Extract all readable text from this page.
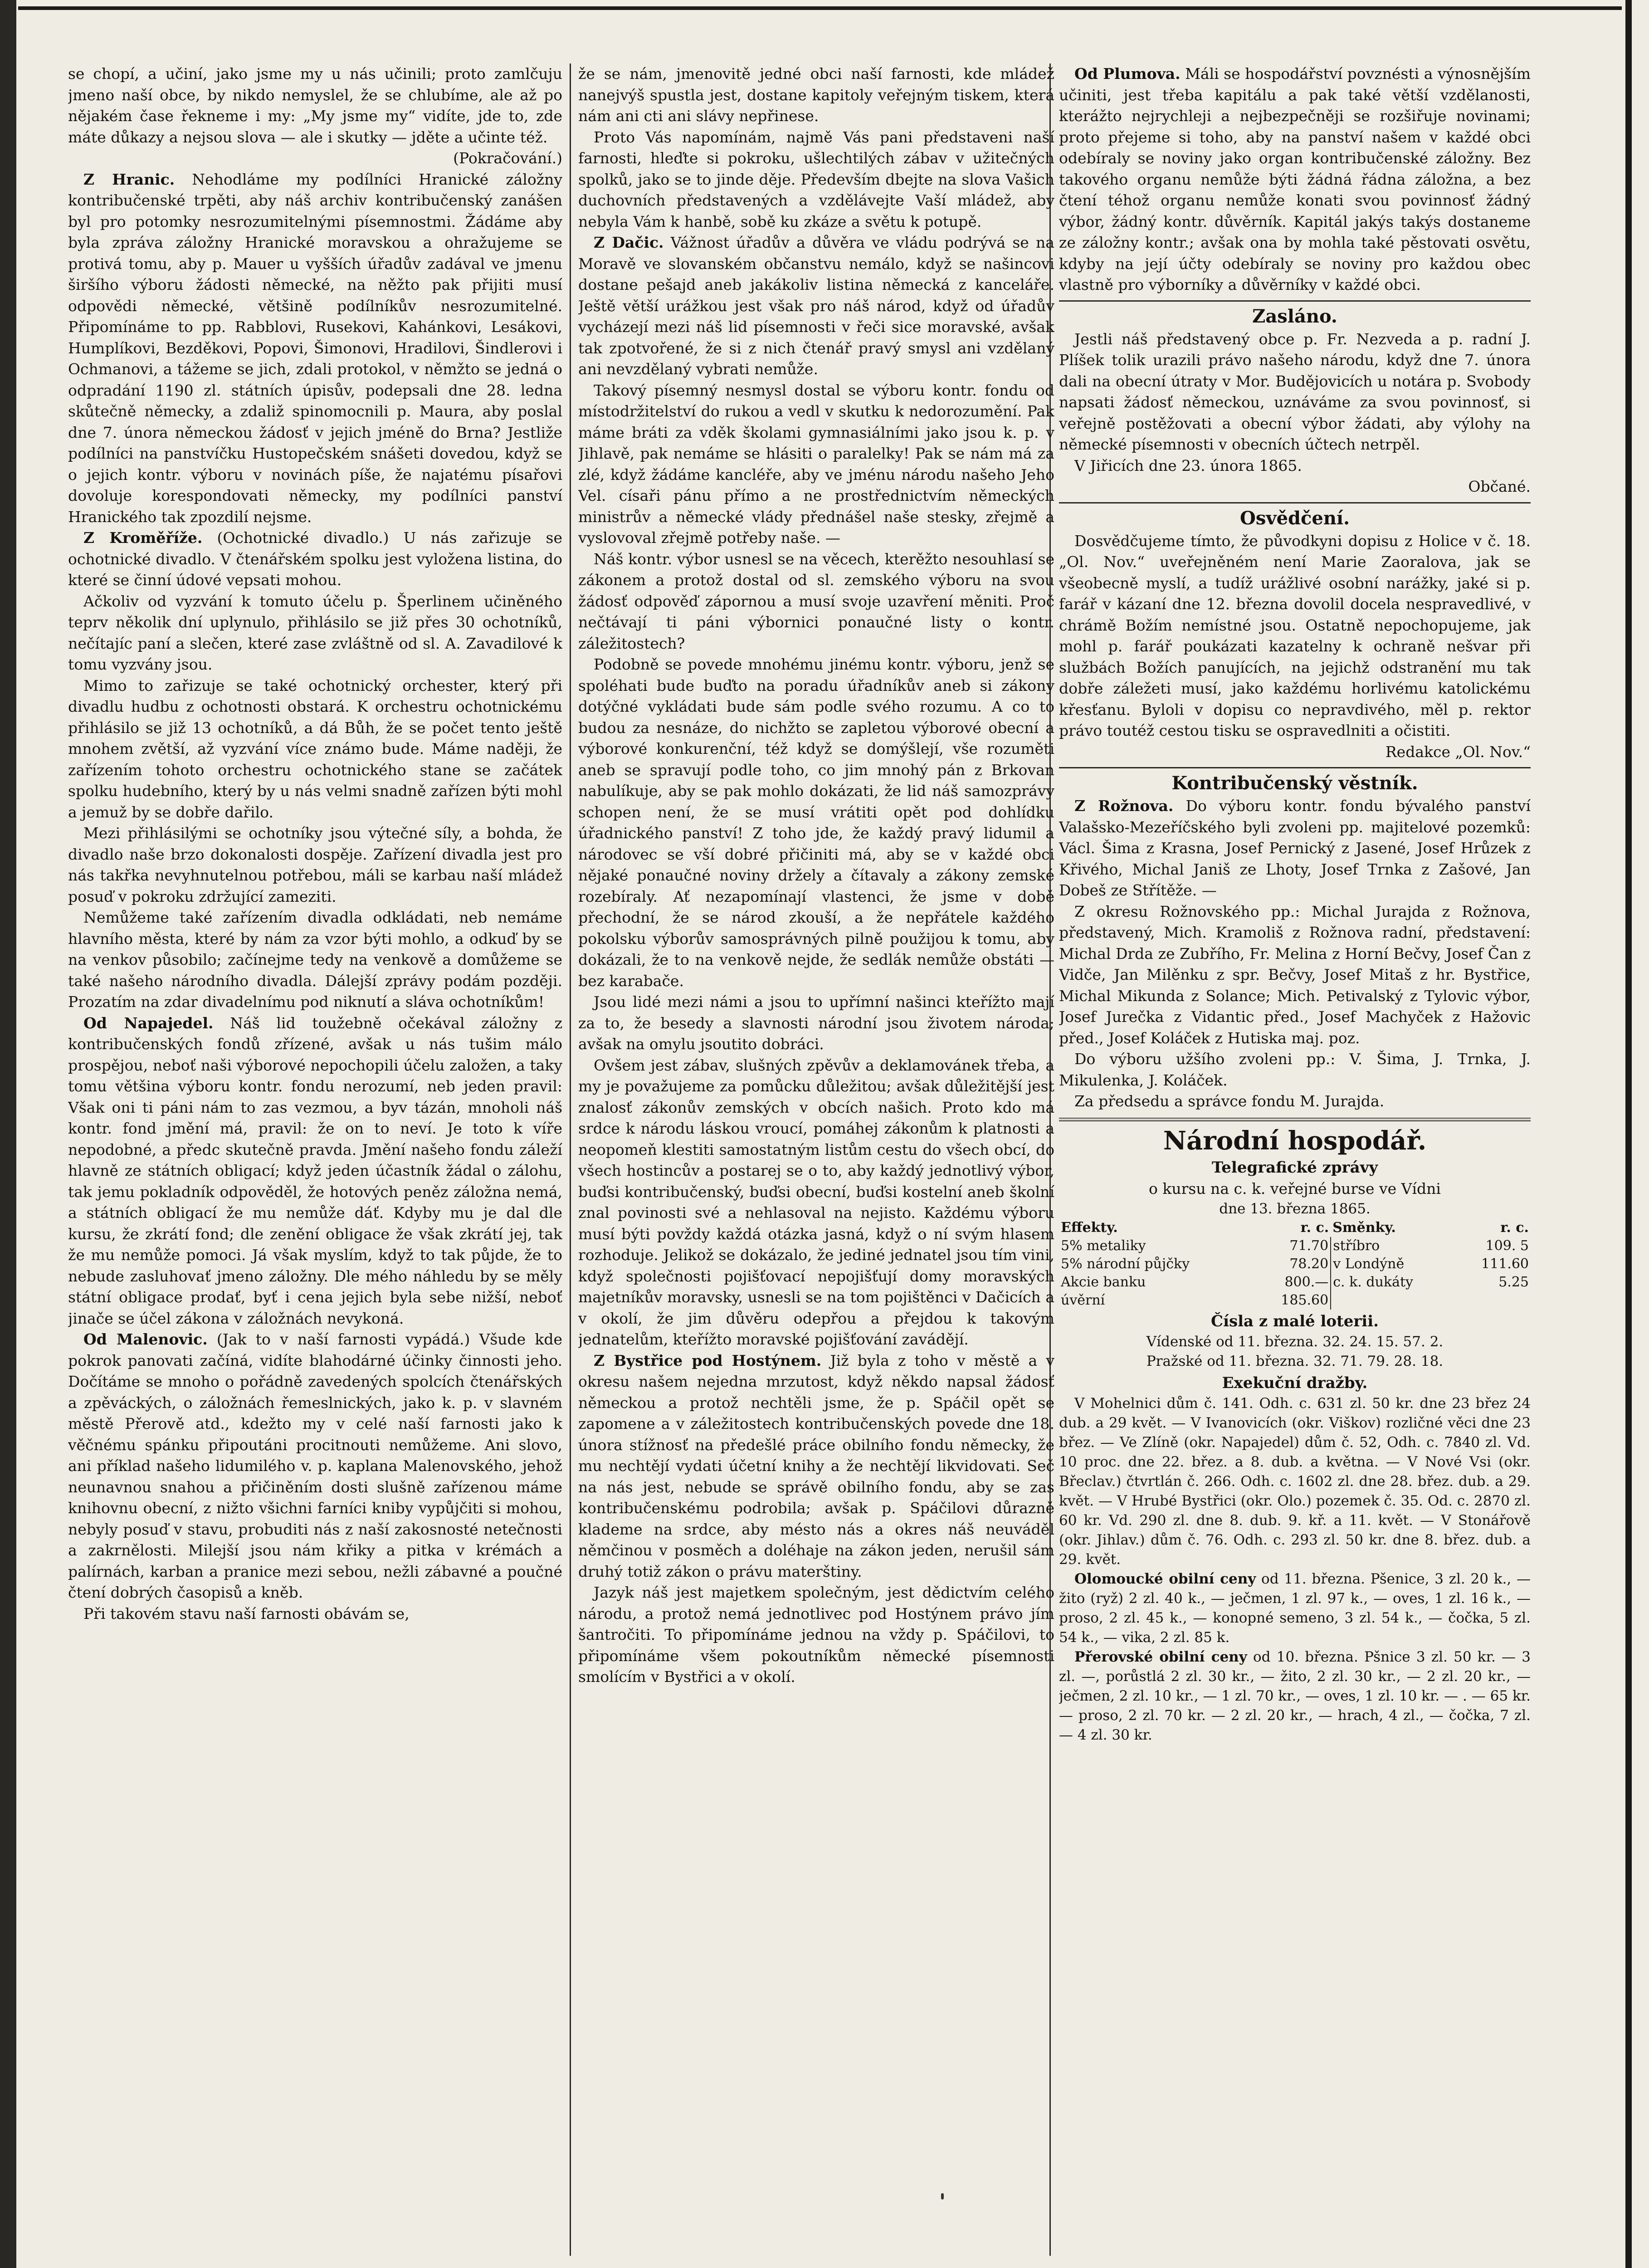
se chopí, a učiní, jako jsme my u nás učinili; proto zamlčuju jmeno naší obce, by nikdo nemyslel, že se chlubíme, ale až po nějakém čase řekneme i my: „My jsme my“ vidíte, jde to, zde máte důkazy a nejsou slova — ale i skutky — jděte a učinte též.
(Pokračování.)

Z Hranic. Nehodláme my podílníci Hranické záložny kontribučenské trpěti, aby náš archiv kontribučenský zanášen byl pro potomky nesrozumitelnými písemnostmi. Žádáme aby byla zpráva záložny Hranické moravskou a ohražujeme se protivá tomu, aby p. Mauer u vyšších úřadův zadával ve jmenu širšího výboru žádosti německé, na něžto pak přijiti musí odpovědi německé, většině podílníkův nesrozumitelné. Připomínáme to pp. Rabblovi, Rusekovi, Kahánkovi, Lesákovi, Humplíkovi, Bezděkovi, Popovi, Šimonovi, Hradilovi, Šindlerovi i Ochmanovi, a tážeme se jich, zdali protokol, v němžto se jedná o odpradání 1190 zl. státních úpisův, podepsali dne 28. ledna skůtečně německy, a zdaliž spinomocnili p. Maura, aby poslal dne 7. února německou žádosť v jejich jméně do Brna? Jestliže podílníci na panstvíčku Hustopečském snášeti dovedou, když se o jejich kontr. výboru v novinách píše, že najatému písařovi dovoluje korespondovati německy, my podílníci panství Hranického tak zpozdilí nejsme.

Z Kroměříže. (Ochotnické divadlo.) U nás zařizuje se ochotnické divadlo. V čtenářském spolku jest vyložena listina, do které se činní údové vepsati mohou.

Ačkoliv od vyzvání k tomuto účelu p. Šperlinem učiněného teprv několik dní uplynulo, přihlásilo se již přes 30 ochotníků, nečítajíc paní a slečen, které zase zvláštně od sl. A. Zavadilové k tomu vyzvány jsou.

Mimo to zařizuje se také ochotnický orchester, který při divadlu hudbu z ochotnosti obstará. K orchestru ochotnickému přihlásilo se již 13 ochotníků, a dá Bůh, že se počet tento ještě mnohem zvětší, až vyzvání více známo bude. Máme naději, že zařízením tohoto orchestru ochotnického stane se začátek spolku hudebního, který by u nás velmi snadně zařízen býti mohl a jemuž by se dobře dařilo.

Mezi přihlásilými se ochotníky jsou výtečné síly, a bohda, že divadlo naše brzo dokonalosti dospěje. Zařízení divadla jest pro nás takřka nevyhnutelnou potřebou, máli se karbau naší mládež posuď v pokroku zdržující zameziti.

Nemůžeme také zařízením divadla odkládati, neb nemáme hlavního města, které by nám za vzor býti mohlo, a odkuď by se na venkov působilo; začínejme tedy na venkově a domůžeme se také našeho národního divadla. Dálejší zprávy podám později. Prozatím na zdar divadelnímu pod niknutí a sláva ochotníkům!

Od Napajedel. Náš lid toužebně očekával záložny z kontribučenských fondů zřízené, avšak u nás tušim málo prospějou, neboť naši výborové nepochopili účelu založen, a taky tomu většina výboru kontr. fondu nerozumí, neb jeden pravil: Však oni ti páni nám to zas vezmou, a byv tázán, mnoholi náš kontr. fond jmění má, pravil: že on to neví. Je toto k víře nepodobné, a předc skutečně pravda. Jmění našeho fondu záleží hlavně ze státních obligací; když jeden účastník žádal o zálohu, tak jemu pokladník odpověděl, že hotových peněz záložna nemá, a státních obligací že mu nemůže dáť. Kdyby mu je dal dle kursu, že zkrátí fond; dle zenění obligace že však zkrátí jej, tak že mu nemůže pomoci. Já však myslím, když to tak půjde, že to nebude zasluhovať jmeno záložny. Dle mého náhledu by se měly státní obligace prodať, byť i cena jejich byla sebe nižší, neboť jinače se účel zákona v záložnách nevykoná.

Od Malenovic. (Jak to v naší farnosti vypádá.) Všude kde pokrok panovati začíná, vidíte blahodárné účinky činnosti jeho. Dočítáme se mnoho o pořádně zavedených spolcích čtenářských a zpěváckých, o záložnách řemeslnických, jako k. p. v slavném městě Přerově atd., kdežto my v celé naší farnosti jako k věčnému spánku připoutáni procitnouti nemůžeme. Ani slovo, ani příklad našeho lidumilého v. p. kaplana Malenovského, jehož neunavnou snahou a přičiněním dosti slušně zařízenou máme knihovnu obecní, z nižto všichni farníci kniby vypůjčiti si mohou, nebyly posuď v stavu, probuditi nás z naší zakosnosté netečnosti a zakrnělosti. Milejší jsou nám křiky a pitka v krémách a palírnách, karban a pranice mezi sebou, nežli zábavné a poučné čtení dobrých časopisů a kněb.

Při takovém stavu naší farnosti obávám se,

že se nám, jmenovitě jedné obci naší farnosti, kde mládež nanejvýš spustla jest, dostane kapitoly veřejným tiskem, která nám ani cti ani slávy nepřinese.

Proto Vás napomínám, najmě Vás pani představeni naší farnosti, hleďte si pokroku, ušlechtilých zábav v užitečných spolků, jako se to jinde děje. Především dbejte na slova Vašich duchovních představených a vzdělávejte Vaší mládež, aby nebyla Vám k hanbě, sobě ku zkáze a světu k potupě.

Z Dačic. Vážnost úřadův a důvěra ve vládu podrývá se na Moravě ve slovanském občanstvu nemálo, když se našincovi dostane pešajd aneb jakákoliv listina německá z kanceláře. Ještě větší urážkou jest však pro náš národ, když od úřadův vycházejí mezi náš lid písemnosti v řeči sice moravské, avšak tak zpotvořené, že si z nich čtenář pravý smysl ani vzdělaný ani nevzdělaný vybrati nemůže.

Takový písemný nesmysl dostal se výboru kontr. fondu od místodržitelství do rukou a vedl v skutku k nedorozumění. Pak máme bráti za vděk školami gymnasiálními jako jsou k. p. v Jihlavě, pak nemáme se hlásiti o paralelky! Pak se nám má za zlé, když žádáme kancléře, aby ve jménu národu našeho Jeho Vel. císaři pánu přímo a ne prostřednictvím německých ministrův a německé vlády přednášel naše stesky, zřejmě a vyslovoval zřejmě potřeby naše. —

Náš kontr. výbor usnesl se na věcech, kterěžto nesouhlasí se zákonem a protož dostal od sl. zemského výboru na svou žádosť odpověď zápornou a musí svoje uzavření měniti. Proč nečtávají ti páni výbornici ponaučné listy o kontr. záležitostech?

Podobně se povede mnohému jinému kontr. výboru, jenž se spoléhati bude buďto na poradu úřadníkův aneb si zákony dotýčné vykládati bude sám podle svého rozumu. A co to budou za nesnáze, do nichžto se zapletou výborové obecní a výborové konkurenční, též když se domýšlejí, vše rozuměti aneb se spravují podle toho, co jim mnohý pán z Brkovan nabulíkuje, aby se pak mohlo dokázati, že lid náš samozprávy schopen není, že se musí vrátiti opět pod dohlídku úřadnického panství! Z toho jde, že každý pravý lidumil a národovec se vší dobré přičiniti má, aby se v každé obci nějaké ponaučné noviny držely a čítavaly a zákony zemské rozebíraly. Ať nezapomínají vlastenci, že jsme v době přechodní, že se národ zkouší, a že nepřátele každého pokolsku výborův samosprávných pilně použijou k tomu, aby dokázali, že to na venkově nejde, že sedlák nemůže obstáti — bez karabače.

Jsou lidé mezi námi a jsou to upřímní našinci kteřížto mají za to, že besedy a slavnosti národní jsou životem národa; avšak na omylu jsoutito dobráci.

Ovšem jest zábav, slušných zpěvův a deklamovánek třeba, a my je považujeme za pomůcku důležitou; avšak důležitější jest znalosť zákonův zemských v obcích našich. Proto kdo má srdce k národu láskou vroucí, pomáhej zákonům k platnosti a neopomeň klestiti samostatným listům cestu do všech obcí, do všech hostincův a postarej se o to, aby každý jednotlivý výbor, buďsi kontribučenský, buďsi obecní, buďsi kostelní aneb školní znal povinosti své a nehlasoval na nejisto. Každému výboru musí býti povždy každá otázka jasná, když o ní svým hlasem rozhoduje. Jelikož se dokázalo, že jediné jednatel jsou tím vini, když společnosti pojišťovací nepojišťují domy moravských majetníkův moravsky, usnesli se na tom pojištěnci v Dačicích a v okolí, že jim důvěru odepřou a přejdou k takovým jednatelům, kteřížto moravské pojišťování zavádějí.

Z Bystřice pod Hostýnem. Již byla z toho v městě a v okresu našem nejedna mrzutost, když někdo napsal žádosť německou a protož nechtěli jsme, že p. Spáčil opět se zapomene a v záležitostech kontribučenských povede dne 18. února stížnosť na předešlé práce obilního fondu německy, že mu nechtějí vydati účetní knihy a že nechtějí likvidovati. Seč na nás jest, nebude se správě obilního fondu, aby se zas kontribučenskému podrobila; avšak p. Spáčilovi důrazně klademe na srdce, aby mésto nás a okres náš neuváděl němčinou v posměch a doléhaje na zákon jeden, nerušil sám druhý totiž zákon o právu materštiny.

Jazyk náš jest majetkem společným, jest dědictvím celého národu, a protož nemá jednotlivec pod Hostýnem právo jím šantročiti. To připomínáme jednou na vždy p. Spáčilovi, to připomínáme všem pokoutníkům německé písemnosti smolícím v Bystřici a v okolí.

Od Plumova. Máli se hospodářství povznésti a výnosnějším učiniti, jest třeba kapitálu a pak také větší vzdělanosti, kterážto nejrychleji a nejbezpečněji se rozšiřuje novinami; proto přejeme si toho, aby na panství našem v každé obci odebíraly se noviny jako organ kontribučenské záložny. Bez takového organu nemůže býti žádná řádna záložna, a bez čtení téhož organu nemůže konati svou povinnosť žádný výbor, žádný kontr. důvěrník. Kapitál jakýs takýs dostaneme ze záložny kontr.; avšak ona by mohla také pěstovati osvětu, kdyby na její účty odebíraly se noviny pro každou obec vlastně pro výborníky a důvěrníky v každé obci.

Zasláno.

Jestli náš představený obce p. Fr. Nezveda a p. radní J. Plíšek tolik urazili právo našeho národu, když dne 7. února dali na obecní útraty v Mor. Budějovicích u notára p. Svobody napsati žádosť německou, uznáváme za svou povinnosť, si veřejně postěžovati a obecní výbor žádati, aby výlohy na německé písemnosti v obecních účtech netrpěl.

V Jiřicích dne 23. února 1865.

Občané.

Osvědčení.

Dosvědčujeme tímto, že původkyni dopisu z Holice v č. 18. „Ol. Nov.“ uveřejněném není Marie Zaoralova, jak se všeobecně myslí, a tudíž urážlivé osobní narážky, jaké si p. farář v kázaní dne 12. března dovolil docela nespravedlivé, v chrámě Božím nemístné jsou. Ostatně nepochopujeme, jak mohl p. farář poukázati kazatelny k ochraně nešvar při službách Božích panujících, na jejichž odstranění mu tak dobře záležeti musí, jako každému horlivému katolickému křesťanu. Byloli v dopisu co nepravdivého, měl p. rektor právo toutéž cestou tisku se ospravedlniti a očistiti.

Redakce „Ol. Nov.“

Kontribučenský věstník.

Z Rožnova. Do výboru kontr. fondu bývalého panství Valašsko-Mezeříčského byli zvoleni pp. majitelové pozemků: Václ. Šima z Krasna, Josef Pernický z Jasené, Josef Hrůzek z Křivého, Michal Janiš ze Lhoty, Josef Trnka z Zašové, Jan Dobeš ze Střítěže. —

Z okresu Rožnovského pp.: Michal Jurajda z Rožnova, představený, Mich. Kramoliš z Rožnova radní, představení: Michal Drda ze Zubřího, Fr. Melina z Horní Bečvy, Josef Čan z Vidče, Jan Milěnku z spr. Bečvy, Josef Mitaš z hr. Bystřice, Michal Mikunda z Solance; Mich. Petivalský z Tylovic výbor, Josef Jurečka z Vidantic před., Josef Machyček z Hažovic před., Josef Koláček z Hutiska maj. poz.

Do výboru užšího zvoleni pp.: V. Šima, J. Trnka, J. Mikulenka, J. Koláček.

Za předsedu a správce fondu M. Jurajda.

Národní hospodář.
Telegrafické zprávy

o kursu na c. k. veřejné burse ve Vídni

dne 13. března 1865.

Effekty.	r. c.	Směnky.	r. c.
5% metaliky	71.70	stříbro	109. 5
5% národní půjčky	78.20	v Londýně	111.60
Akcie banku	800.—	c. k. dukáty	5.25
úvěrní	185.60		
Čísla z malé loterii.

Vídenské od 11. března. 32. 24. 15. 57. 2.

Pražské od 11. března. 32. 71. 79. 28. 18.

Exekuční dražby.

V Mohelnici dům č. 141. Odh. c. 631 zl. 50 kr. dne 23 břez 24 dub. a 29 květ. — V Ivanovicích (okr. Viškov) rozličné věci dne 23 břez. — Ve Zlíně (okr. Napajedel) dům č. 52, Odh. c. 7840 zl. Vd. 10 proc. dne 22. břez. a 8. dub. a května. — V Nové Vsi (okr. Břeclav.) čtvrtlán č. 266. Odh. c. 1602 zl. dne 28. břez. dub. a 29. květ. — V Hrubé Bystřici (okr. Olo.) pozemek č. 35. Od. c. 2870 zl. 60 kr. Vd. 290 zl. dne 8. dub. 9. kř. a 11. květ. — V Stonářově (okr. Jihlav.) dům č. 76. Odh. c. 293 zl. 50 kr. dne 8. břez. dub. a 29. květ.

Olomoucké obilní ceny od 11. března. Pšenice, 3 zl. 20 k., — žito (ryž) 2 zl. 40 k., — ječmen, 1 zl. 97 k., — oves, 1 zl. 16 k., — proso, 2 zl. 45 k., — konopné semeno, 3 zl. 54 k., — čočka, 5 zl. 54 k., — vika, 2 zl. 85 k.

Přerovské obilní ceny od 10. března. Pšnice 3 zl. 50 kr. — 3 zl. —, porůstlá 2 zl. 30 kr., — žito, 2 zl. 30 kr., — 2 zl. 20 kr., — ječmen, 2 zl. 10 kr., — 1 zl. 70 kr., — oves, 1 zl. 10 kr. — . — 65 kr. — proso, 2 zl. 70 kr. — 2 zl. 20 kr., — hrach, 4 zl., — čočka, 7 zl. — 4 zl. 30 kr.
